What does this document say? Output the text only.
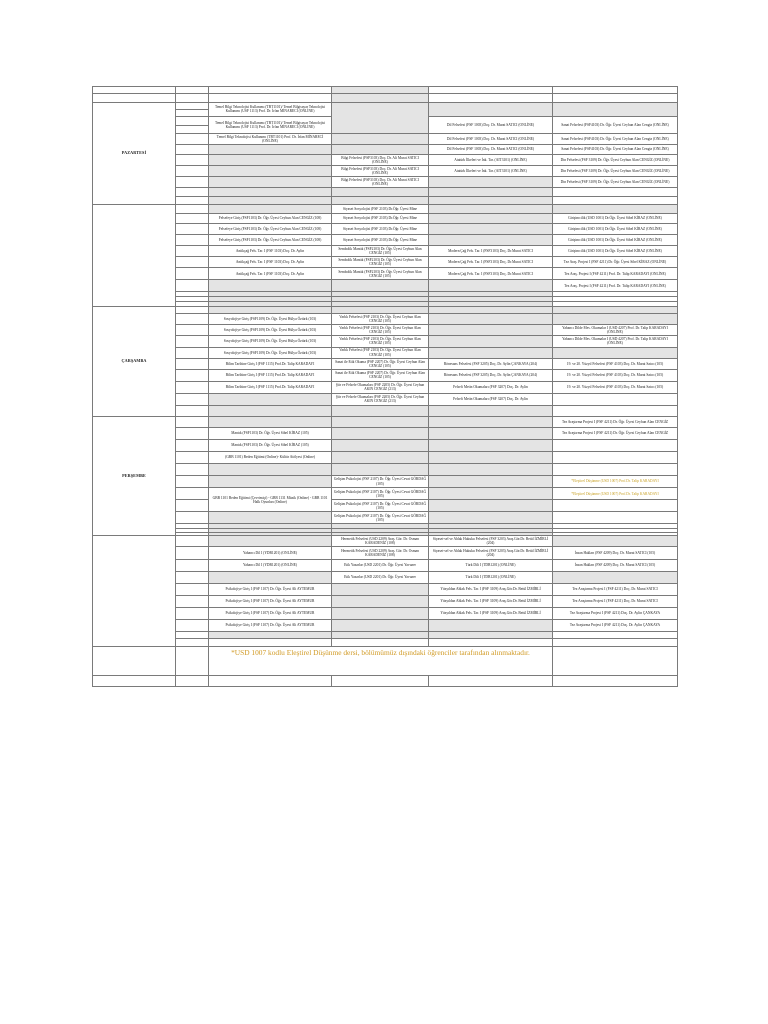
PAZARTESİ		Temel Bilgi Teknolojisi Kullanımı (TBT1101)/ Temel Bilgisayar Teknolojisi Kullanımı (USF 1113) Prof. Dr. İrfan MİNARECİ (ONLİNE)			

		Temel Bilgi Teknolojisi Kullanımı (TBT1101)/ Temel Bilgisayar Teknolojisi Kullanımı (USF 1113) Prof. Dr. İrfan MİNARECİ (ONLİNE)		Dil Felsefesi (FSF 1003) Doç. Dr. Murat SATICI (ONLİNE)	Sanat Felsefesi (FSF4103) Dr. Öğr. Üyesi Ceyhun Alan Cengiz (ONLİNE)

		Temel Bilgi Teknolojisi Kullanımı (TBT1101) Prof. Dr. İrfan MİNARECİ (ONLİNE)		Dil Felsefesi (FSF 1003) Doç. Dr. Murat SATICI (ONLİNE)	Sanat Felsefesi (FSF4103) Dr. Öğr. Üyesi Ceyhun Alan Cengiz (ONLİNE)
				Dil Felsefesi (FSF 1003) Doç. Dr. Murat SATICI (ONLİNE)	Sanat Felsefesi (FSF4103) Dr. Öğr. Üyesi Ceyhun Alan Cengiz (ONLİNE)
			Bilgi Felsefesi (FSF3103) Doç. Dr. Ali Murat SATICI (ONLİNE)	Atatürk İlkeleri ve İnk. Tar. (AIT3101) (ONLİNE)	Din Felsefesi (FSF 3109) Dr. Öğr. Üyesi Ceyhun Alan CENGİZ (ONLİNE)
			Bilgi Felsefesi (FSF3103) Doç. Dr. Ali Murat SATICI (ONLİNE)	Atatürk İlkeleri ve İnk. Tar. (AIT3101) (ONLİNE)	Din Felsefesi (FSF 3109) Dr. Öğr. Üyesi Ceyhun Alan CENGİZ (ONLİNE)
			Bilgi Felsefesi (FSF3103) Doç. Dr. Ali Murat SATICI (ONLİNE)		Din Felsefesi (FSF 3109) Dr. Öğr. Üyesi Ceyhun Alan CENGİZ (ONLİNE)

			Siyaset Sosyolojisi (FSF 2103) Dr.Öğr. Üyesi Mine		
		Felsefeye Giriş (FSF1103) Dr. Öğr. Üyesi Ceyhun Alan CENGİZ (108)	Siyaset Sosyolojisi (FSF 2103) Dr.Öğr. Üyesi Mine		Girişimcilik (USD 1001) Dr.Öğr. Üyesi Sibel KİRAZ (ONLİNE)
		Felsefeye Giriş (FSF1103) Dr. Öğr. Üyesi Ceyhun Alan CENGİZ (108)	Siyaset Sosyolojisi (FSF 2103) Dr.Öğr. Üyesi Mine		Girişimcilik (USD 1001) Dr.Öğr. Üyesi Sibel KİRAZ (ONLİNE)
		Felsefeye Giriş (FSF1103) Dr. Öğr. Üyesi Ceyhun Alan CENGİZ (108)	Siyaset Sosyolojisi (FSF 2103) Dr.Öğr. Üyesi Mine		Girişimcilik (USD 1001) Dr.Öğr. Üyesi Sibel KİRAZ (ONLİNE)
		Antikçağ Fels. Tar. I (FSF 1103) Doç. Dr. Aylin	Sembolik Mantık (FSF2103) Dr. Öğr. Üyesi Ceyhun Alan CENGİZ (105)	Modern Çağ Fels. Tar. I (FSF3103) Doç. Dr.Murat SATICI	Girişimcilik (USD 1001) Dr.Öğr. Üyesi Sibel KİRAZ (ONLİNE)
		Antikçağ Fels. Tar. I (FSF 1103) Doç. Dr. Aylin	Sembolik Mantık (FSF2103) Dr. Öğr. Üyesi Ceyhun Alan CENGİZ (105)	Modern Çağ Fels. Tar. I (FSF3103) Doç. Dr.Murat SATICI	Tez Araş. Projesi I (FSF 4211) Dr. Öğr. Üyesi Sibel KİRAZ (ONLİNE)
		Antikçağ Fels. Tar. I (FSF 1103) Doç. Dr. Aylin	Sembolik Mantık (FSF2103) Dr. Öğr. Üyesi Ceyhun Alan CENGİZ (105)	Modern Çağ Fels. Tar. I (FSF3103) Doç. Dr.Murat SATICI	Tez Araş. Projesi I (FSF 4211) Prof. Dr. Talip KARADAYI (ONLİNE)
					Tez Araş. Projesi I (FSF 4211) Prof. Dr. Talip KARADAYI (ONLİNE)

ÇARŞAMBA					
		Sosyolojiye Giriş (FSF1109) Dr. Öğr. Üyesi Hülya Öztürk (103)	Varlık Felsefesi (FSF 2103) Dr. Öğr. Üyesi Ceyhun Alan CENGİZ (105)		
		Sosyolojiye Giriş (FSF1109) Dr. Öğr. Üyesi Hülya Öztürk (103)	Varlık Felsefesi (FSF 2103) Dr. Öğr. Üyesi Ceyhun Alan CENGİZ (105)		Yabancı Dilde Mes. Okumalar I (USD 4207) Prof. Dr. Talip KARADAYI (ONLİNE)
		Sosyolojiye Giriş (FSF1109) Dr. Öğr. Üyesi Hülya Öztürk (103)	Varlık Felsefesi (FSF 2103) Dr. Öğr. Üyesi Ceyhun Alan CENGİZ (105)		Yabancı Dilde Mes. Okumalar I (USD 4207) Prof. Dr. Talip KARADAYI (ONLİNE)
		Sosyolojiye Giriş (FSF1109) Dr. Öğr. Üyesi Hülya Öztürk (103)	Varlık Felsefesi (FSF 2103) Dr. Öğr. Üyesi Ceyhun Alan CENGİZ (105)		
		Bilim Tarihine Giriş I (FSF 1115) Prof.Dr. Talip KARADAYI	Sanat ile Etik Okuma (FSF 2207) Dr. Öğr. Üyesi Ceyhun Alan CENGİZ (105)	Rönesans Felsefesi (FSF 3205) Doç. Dr. Aylin ÇANKAYA (204)	19. ve 20. Yüzyıl Felsefesi (FSF 4103) Doç. Dr. Murat Satıcı (105)
		Bilim Tarihine Giriş I (FSF 1115) Prof.Dr. Talip KARADAYI	Sanat ile Etik Okuma (FSF 2207) Dr. Öğr. Üyesi Ceyhun Alan CENGİZ (105)	Rönesans Felsefesi (FSF 3205) Doç. Dr. Aylin ÇANKAYA (204)	19. ve 20. Yüzyıl Felsefesi (FSF 4103) Doç. Dr. Murat Satıcı (105)
		Bilim Tarihine Giriş I (FSF 1115) Prof.Dr. Talip KARADAYI	Şiir ve Felsefe Okumaları (FSF 2205) Dr. Öğr. Üyesi Ceyhun AKIN CENGİZ (213)	Felsefi Metin Okumaları (FSF 3207) Doç. Dr. Aylin	19. ve 20. Yüzyıl Felsefesi (FSF 4103) Doç. Dr. Murat Satıcı (105)
			Şiir ve Felsefe Okumaları (FSF 2205) Dr. Öğr. Üyesi Ceyhun AKIN CENGİZ (213)	Felsefi Metin Okumaları (FSF 3207) Doç. Dr. Aylin	

PERŞEMBE					Tez Araştırma Projesi I (FSF 4211) Dr. Öğr. Üyesi Ceyhun Alan CENGİZ
		Mantık (FSF1103) Dr. Öğr. Üyesi Sibel KİRAZ (105)			Tez Araştırma Projesi I (FSF 4211) Dr. Öğr. Üyesi Ceyhun Alan CENGİZ
		Mantık (FSF1103) Dr. Öğr. Üyesi Sibel KİRAZ (105)			
		(GBB 1101) Beden Eğitimi (Online)- Kültür Atölyesi (Online)			

			Gelişim Psikolojisi (FSF 2107) Dr. Öğr. Üyesi Cevat GÖRDAĞ (105)		*Eleştirel Düşünme (USD 1007) Prof.Dr. Talip KARADAYI
		GBB 1101 Beden Eğitimi (Çevrimiçi) - GBB 1131 Müzik (Online) - GBB 1101 Halk Oyunları (Online)	Gelişim Psikolojisi (FSF 2107) Dr. Öğr. Üyesi Cevat GÖRDAĞ (105)		*Eleştirel Düşünme (USD 1007) Prof.Dr. Talip KARADAYI
			Gelişim Psikolojisi (FSF 2107) Dr. Öğr. Üyesi Cevat GÖRDAĞ (105)		
			Gelişim Psikolojisi (FSF 2107) Dr. Öğr. Üyesi Cevat GÖRDAĞ (105)		

			Hermetik Felsefesi (USD 2209) Araş. Gör. Dr. Osman KARADENİZ (108)	Siyaset-sel ve Ahlak Hukuku Felsefesi (FSF 3203) Araş.Gör.Dr. Betül İZMİRLİ (204)	
		Yabancı Dil I (YDB1201) (ONLİNE)	Hermetik Felsefesi (USD 2209) Araş. Gör. Dr. Osman KARADENİZ (108)	Siyaset-sel ve Ahlak Hukuku Felsefesi (FSF 3203) Araş.Gör.Dr. Betül İZMİRLİ (204)	İnsan Hakları (FSF 4209) Doç. Dr. Murat SATICI (105)
		Yabancı Dil I (YDB1201) (ONLİNE)	Etik Yazarlar (USD 2201) Dr. Öğr. Üyesi Yavuzer	Türk Dili I (TDB1201) (ONLİNE)	İnsan Hakları (FSF 4209) Doç. Dr. Murat SATICI (105)
			Etik Yazarlar (USD 2201) Dr. Öğr. Üyesi Yavuzer	Türk Dili I (TDB1201) (ONLİNE)	
		Psikolojiye Giriş I (FSF 1107) Dr. Öğr. Üyesi Ali AYTEMUR		Yüzyıldan Ahlak Fels. Tar. I (FSF 3109) Araş.Gör.Dr. Betül İZMİRLİ	Tez Araştırma Projesi I (FSF 4211) Doç. Dr. Murat SATICI
		Psikolojiye Giriş I (FSF 1107) Dr. Öğr. Üyesi Ali AYTEMUR		Yüzyıldan Ahlak Fels. Tar. I (FSF 3109) Araş.Gör.Dr. Betül İZMİRLİ	Tez Araştırma Projesi I (FSF 4211) Doç. Dr. Murat SATICI
		Psikolojiye Giriş I (FSF 1107) Dr. Öğr. Üyesi Ali AYTEMUR		Yüzyıldan Ahlak Fels. Tar. I (FSF 3109) Araş.Gör.Dr. Betül İZMİRLİ	Tez Araştırma Projesi I (FSF 4211) Doç. Dr. Aylin ÇANKAYA
		Psikolojiye Giriş I (FSF 1107) Dr. Öğr. Üyesi Ali AYTEMUR			Tez Araştırma Projesi I (FSF 4211) Doç. Dr. Aylin ÇANKAYA

		*USD 1007 kodlu Eleştirel Düşünme dersi, bölümümüz dışındaki öğrenciler tarafından alınmaktadır.			
